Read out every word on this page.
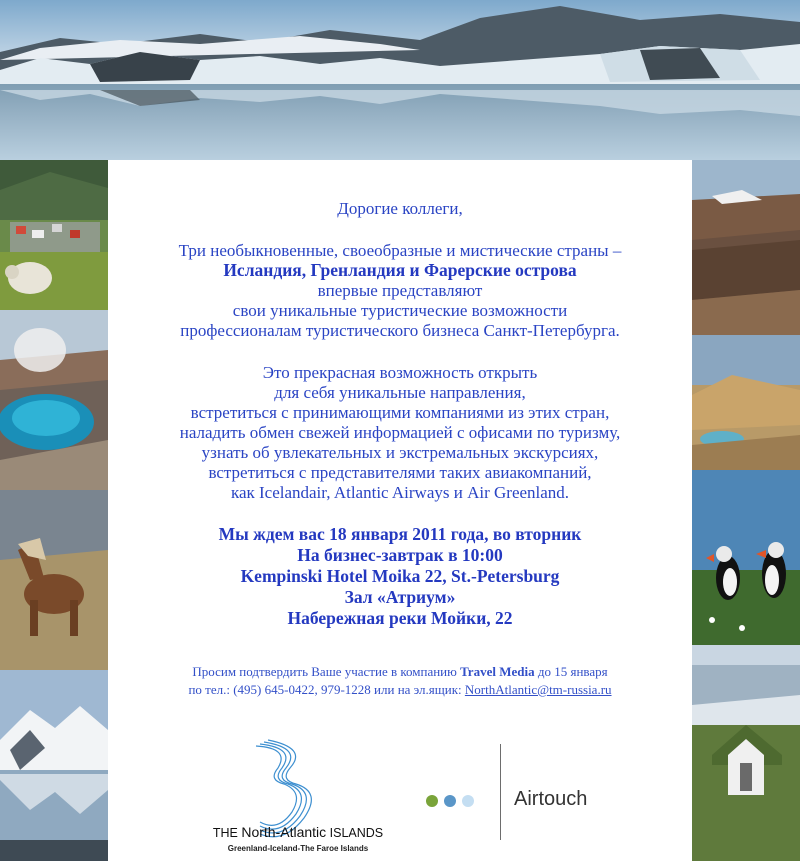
Дорогие коллеги,
Три необыкновенные, своеобразные и мистические страны –
Исландия, Гренландия и Фарерские острова
впервые представляют
свои уникальные туристические возможности
профессионалам туристического бизнеса Санкт-Петербурга.
Это прекрасная возможность открыть
для себя уникальные направления,
встретиться с принимающими компаниями из этих стран,
наладить обмен свежей информацией с офисами по туризму,
узнать об увлекательных и экстремальных экскурсиях,
встретиться с представителями таких авиакомпаний,
как Icelandair, Atlantic Airways и Air Greenland.
Мы ждем вас 18 января 2011 года, во вторник
На бизнес-завтрак в 10:00
Kempinski Hotel Moika 22, St.-Petersburg
Зал «Атриум»
Набережная реки Мойки, 22
Просим подтвердить Ваше участие в компанию Travel Media до 15 января
по тел.: (495) 645-0422, 979-1228 или на эл.ящик: NorthAtlantic@tm-russia.ru
THE North-Atlantic ISLANDS
Greenland-Iceland-The Faroe Islands
Airtouch
